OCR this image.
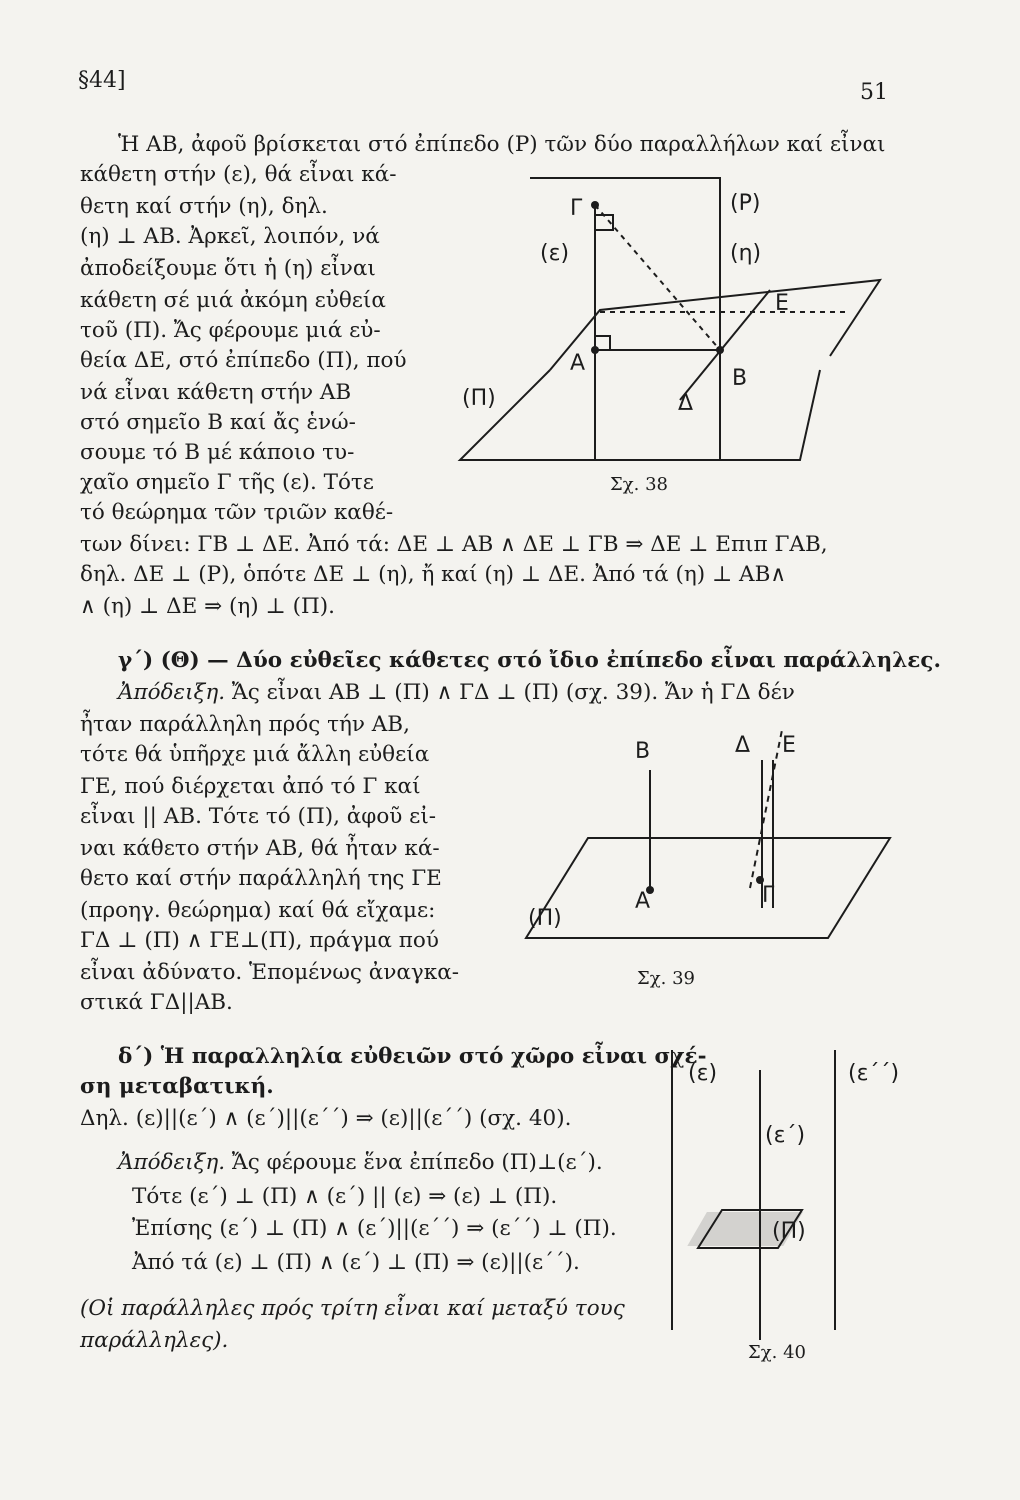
§44]	51
Ἡ ΑΒ, ἀφοῦ βρίσκεται στό ἐπίπεδο (Ρ) τῶν δύο παραλλήλων καί εἶναι
κάθετη στήν (ε), θά εἶναι κά-
θετη καί στήν (η), δηλ.
(η) ⊥ ΑΒ. Ἀρκεῖ, λοιπόν, νά
ἀποδείξουμε ὅτι ἡ (η) εἶναι
κάθετη σέ μιά ἀκόμη εὐθεία
τοῦ (Π). Ἄς φέρουμε μιά εὐ-
θεία ΔΕ, στό ἐπίπεδο (Π), πού
νά εἶναι κάθετη στήν ΑΒ
στό σημεῖο Β καί ἄς ἑνώ-
σουμε τό Β μέ κάποιο τυ-
χαῖο σημεῖο Γ τῆς (ε). Τότε
τό θεώρημα τῶν τριῶν καθέ-
των δίνει: ΓΒ ⊥ ΔΕ. Ἀπό τά: ΔΕ ⊥ ΑΒ ∧ ΔΕ ⊥ ΓΒ ⇒ ΔΕ ⊥ Επιπ ΓΑΒ,
δηλ. ΔΕ ⊥ (Ρ), ὁπότε ΔΕ ⊥ (η), ἤ καί (η) ⊥ ΔΕ. Ἀπό τά (η) ⊥ ΑΒ∧
∧ (η) ⊥ ΔΕ ⇒ (η) ⊥ (Π).
(Ρ)
(ε)	(η)
(Π)
Γ
Α
Β
Δ
Ε
Σχ. 38
γ΄) (Θ) — Δύο εὐθεῖες κάθετες στό ἴδιο ἐπίπεδο εἶναι παράλληλες.
Ἀπόδειξη. Ἄς εἶναι ΑΒ ⊥ (Π) ∧ ΓΔ ⊥ (Π) (σχ. 39). Ἄν ἡ ΓΔ δέν
ἦταν παράλληλη πρός τήν ΑΒ,
τότε θά ὑπῆρχε μιά ἄλλη εὐθεία
ΓΕ, πού διέρχεται ἀπό τό Γ καί
εἶναι || ΑΒ. Τότε τό (Π), ἀφοῦ εἰ-
ναι κάθετο στήν ΑΒ, θά ἦταν κά-
θετο καί στήν παράλληλή της ΓΕ
(προηγ. θεώρημα) καί θά εἴχαμε:
ΓΔ ⊥ (Π) ∧ ΓΕ⊥(Π), πράγμα πού
εἶναι ἀδύνατο. Ἑπομένως ἀναγκα-
στικά ΓΔ||ΑΒ.
Β	Δ Ε
Α	Γ
(Π)
Σχ. 39
δ΄) Ἡ παραλληλία εὐθειῶν στό χῶρο εἶναι σχέ-
ση μεταβατική.
Δηλ. (ε)||(ε΄) ∧ (ε΄)||(ε΄΄) ⇒ (ε)||(ε΄΄) (σχ. 40).
Ἀπόδειξη. Ἄς φέρουμε ἕνα ἐπίπεδο (Π)⊥(ε΄).
Τότε (ε΄) ⊥ (Π) ∧ (ε΄) || (ε) ⇒ (ε) ⊥ (Π).
Ἐπίσης (ε΄) ⊥ (Π) ∧ (ε΄)||(ε΄΄) ⇒ (ε΄΄) ⊥ (Π).
Ἀπό τά (ε) ⊥ (Π) ∧ (ε΄) ⊥ (Π) ⇒ (ε)||(ε΄΄).
(Οἱ παράλληλες πρός τρίτη εἶναι καί μεταξύ τους
παράλληλες).
(ε)
(ε΄)
(ε΄΄)
(Π)
Σχ. 40
